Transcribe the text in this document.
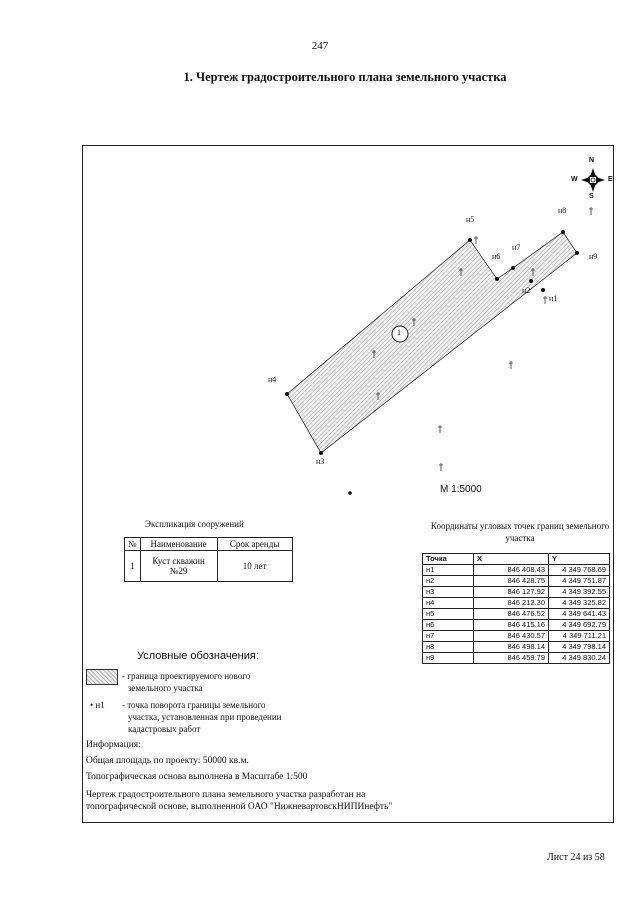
247
1. Чертеж градостроительного плана земельного участка
N
S
W	E
н1
н2
н3
н4
н5
н6
н7
н8
н9
1
М 1:5000
Экспликация сооружений
№	Наименование	Срок аренды
1	Куст скважин №29	10 лет
Координаты угловых точек границ земельного участка
Точка	X	Y
н1	846 408.43	4 349 768.69
н2	846 428.75	4 349 751.87
н3	846 127.92	4 349 392.55
н4	846 212.30	4 349 325.82
н5	846 476.52	4 349 641.43
н6	846 415.16	4 349 692.79
н7	846 430.57	4 349 711.21
н8	846 498.14	4 349 798.14
н9	846 459.79	4 349 830.24
Условные обозначения:
- граница проектируемого нового
земельного участка
• н1 - точка поворота границы земельного
участка, установленная при проведении
кадастровых работ
Информация:
Общая площадь по проекту: 50000 кв.м.
Топографическая основа выполнена в Масштабе 1:500
Чертеж градостроительного плана земельного участка разработан на
топографической основе, выполненной ОАО "НижневартовскНИПИнефть"
Лист 24 из 58
